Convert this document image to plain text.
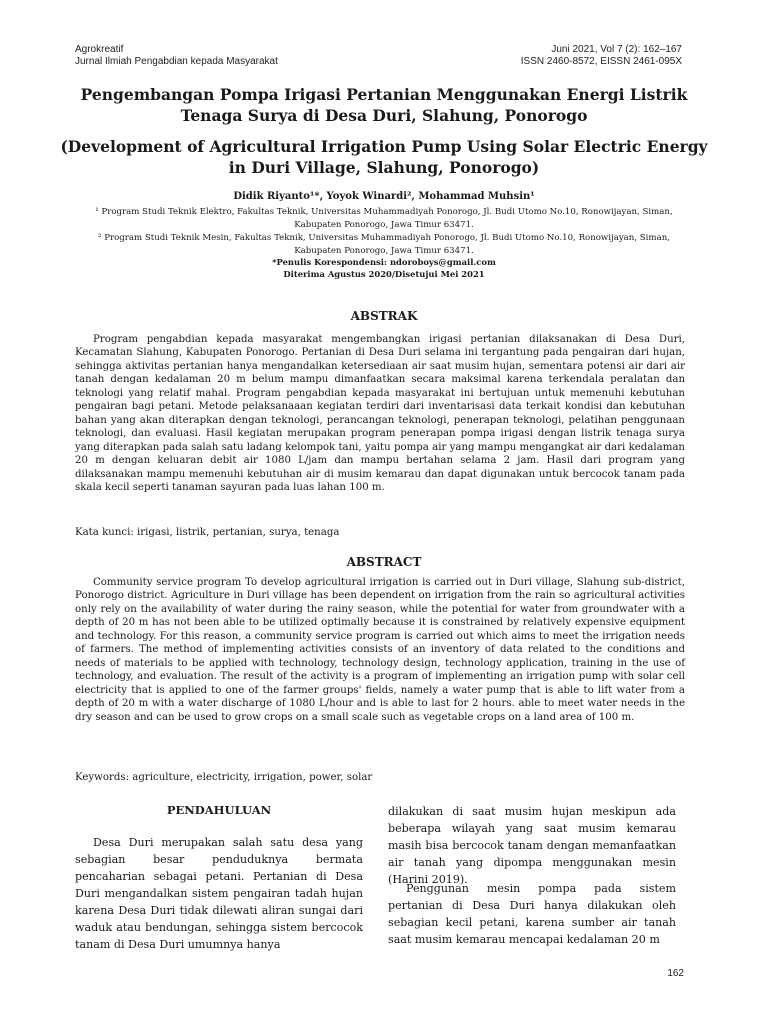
Agrokreatif
Jurnal Ilmiah Pengabdian kepada Masyarakat
Juni 2021, Vol 7 (2): 162–167
ISSN 2460-8572, EISSN 2461-095X
Pengembangan Pompa Irigasi Pertanian Menggunakan Energi Listrik Tenaga Surya di Desa Duri, Slahung, Ponorogo
(Development of Agricultural Irrigation Pump Using Solar Electric Energy in Duri Village, Slahung, Ponorogo)
Didik Riyanto¹*, Yoyok Winardi², Mohammad Muhsin¹
¹ Program Studi Teknik Elektro, Fakultas Teknik, Universitas Muhammadiyah Ponorogo, Jl. Budi Utomo No.10, Ronowijayan, Siman, Kabupaten Ponorogo, Jawa Timur 63471.
² Program Studi Teknik Mesin, Fakultas Teknik, Universitas Muhammadiyah Ponorogo, Jl. Budi Utomo No.10, Ronowijayan, Siman, Kabupaten Ponorogo, Jawa Timur 63471.
*Penulis Korespondensi: ndoroboys@gmail.com
Diterima Agustus 2020/Disetujui Mei 2021
ABSTRAK

Program pengabdian kepada masyarakat mengembangkan irigasi pertanian dilaksanakan di Desa Duri, Kecamatan Slahung, Kabupaten Ponorogo. Pertanian di Desa Duri selama ini tergantung pada pengairan dari hujan, sehingga aktivitas pertanian hanya mengandalkan ketersediaan air saat musim hujan, sementara potensi air dari air tanah dengan kedalaman 20 m belum mampu dimanfaatkan secara maksimal karena terkendala peralatan dan teknologi yang relatif mahal. Program pengabdian kepada masyarakat ini bertujuan untuk memenuhi kebutuhan pengairan bagi petani. Metode pelaksanaaan kegiatan terdiri dari inventarisasi data terkait kondisi dan kebutuhan bahan yang akan diterapkan dengan teknologi, perancangan teknologi, penerapan teknologi, pelatihan penggunaan teknologi, dan evaluasi. Hasil kegiatan merupakan program penerapan pompa irigasi dengan listrik tenaga surya yang diterapkan pada salah satu ladang kelompok tani, yaitu pompa air yang mampu mengangkat air dari kedalaman 20 m dengan keluaran debit air 1080 L/jam dan mampu bertahan selama 2 jam. Hasil dari program yang dilaksanakan mampu memenuhi kebutuhan air di musim kemarau dan dapat digunakan untuk bercocok tanam pada skala kecil seperti tanaman sayuran pada luas lahan 100 m.

Kata kunci: irigasi, listrik, pertanian, surya, tenaga

ABSTRACT

Community service program To develop agricultural irrigation is carried out in Duri village, Slahung sub-district, Ponorogo district. Agriculture in Duri village has been dependent on irrigation from the rain so agricultural activities only rely on the availability of water during the rainy season, while the potential for water from groundwater with a depth of 20 m has not been able to be utilized optimally because it is constrained by relatively expensive equipment and technology. For this reason, a community service program is carried out which aims to meet the irrigation needs of farmers. The method of implementing activities consists of an inventory of data related to the conditions and needs of materials to be applied with technology, technology design, technology application, training in the use of technology, and evaluation. The result of the activity is a program of implementing an irrigation pump with solar cell electricity that is applied to one of the farmer groups' fields, namely a water pump that is able to lift water from a depth of 20 m with a water discharge of 1080 L/hour and is able to last for 2 hours. able to meet water needs in the dry season and can be used to grow crops on a small scale such as vegetable crops on a land area of 100 m.

Keywords: agriculture, electricity, irrigation, power, solar

PENDAHULUAN

Desa Duri merupakan salah satu desa yang sebagian besar penduduknya bermata pencaharian sebagai petani. Pertanian di Desa Duri mengandalkan sistem pengairan tadah hujan karena Desa Duri tidak dilewati aliran sungai dari waduk atau bendungan, sehingga sistem bercocok tanam di Desa Duri umumnya hanya

dilakukan di saat musim hujan meskipun ada beberapa wilayah yang saat musim kemarau masih bisa bercocok tanam dengan memanfaatkan air tanah yang dipompa menggunakan mesin (Harini 2019).

Penggunan mesin pompa pada sistem pertanian di Desa Duri hanya dilakukan oleh sebagian kecil petani, karena sumber air tanah saat musim kemarau mencapai kedalaman 20 m

162
